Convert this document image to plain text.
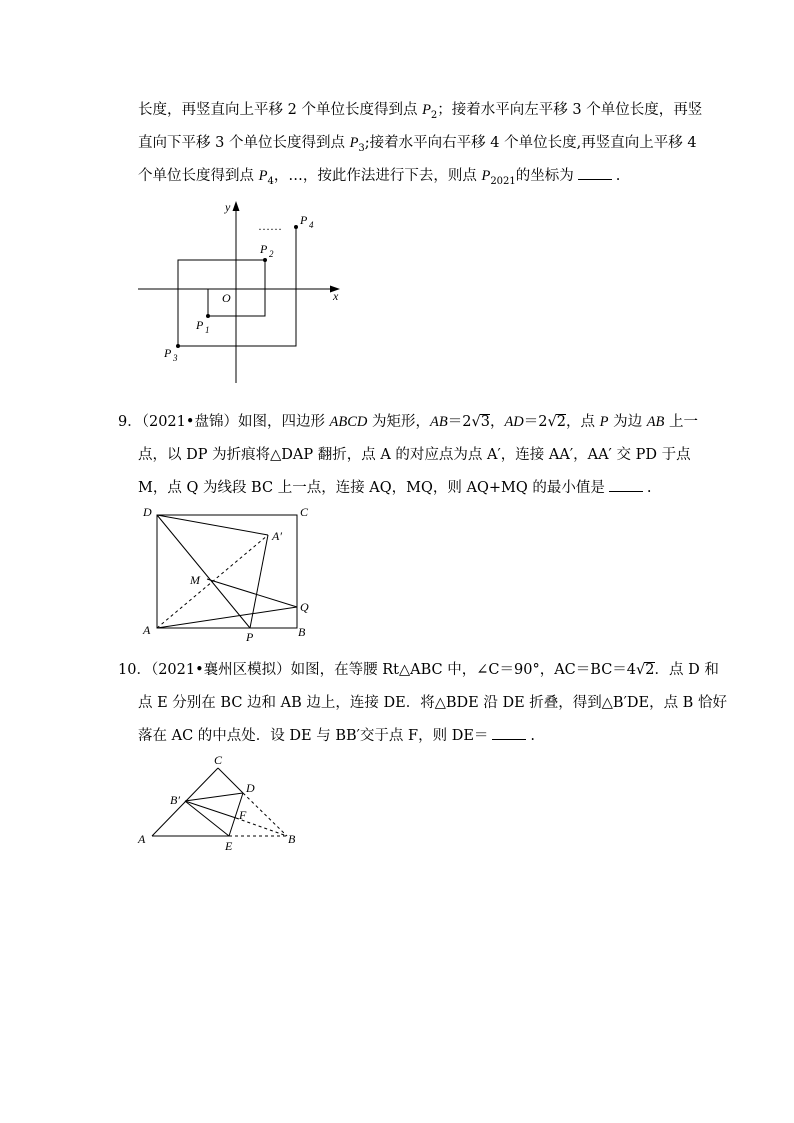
长度，再竖直向上平移 2 个单位长度得到点 $P_2$；接着水平向左平移 3 个单位长度，再竖
直向下平移 3 个单位长度得到点 $P_3$;接着水平向右平移 4 个单位长度,再竖直向上平移 4
个单位长度得到点 $P_4$，…，按此作法进行下去，则点 $P_{2021}$的坐标为	.
y
x
O
……
P 1
P 2
P 3
P 4
9．（2021•盘锦）如图，四边形 ABCD 为矩形，AB＝2√3，AD＝2√2，点 P 为边 AB 上一
点，以 DP 为折痕将△DAP 翻折，点 A 的对应点为点 A′，连接 AA′，AA′ 交 PD 于点
M，点 Q 为线段 BC 上一点，连接 AQ，MQ，则 AQ+MQ 的最小值是	.
D	C
A′
M
Q
A	P	B
10．（2021•襄州区模拟）如图，在等腰 Rt△ABC 中，∠C＝90°，AC＝BC＝4√2．点 D 和
点 E 分别在 BC 边和 AB 边上，连接 DE．将△BDE 沿 DE 折叠，得到△B′DE，点 B 恰好
落在 AC 的中点处．设 DE 与 BB′交于点 F，则 DE＝	.
C
D
B′
F
A	E	B
